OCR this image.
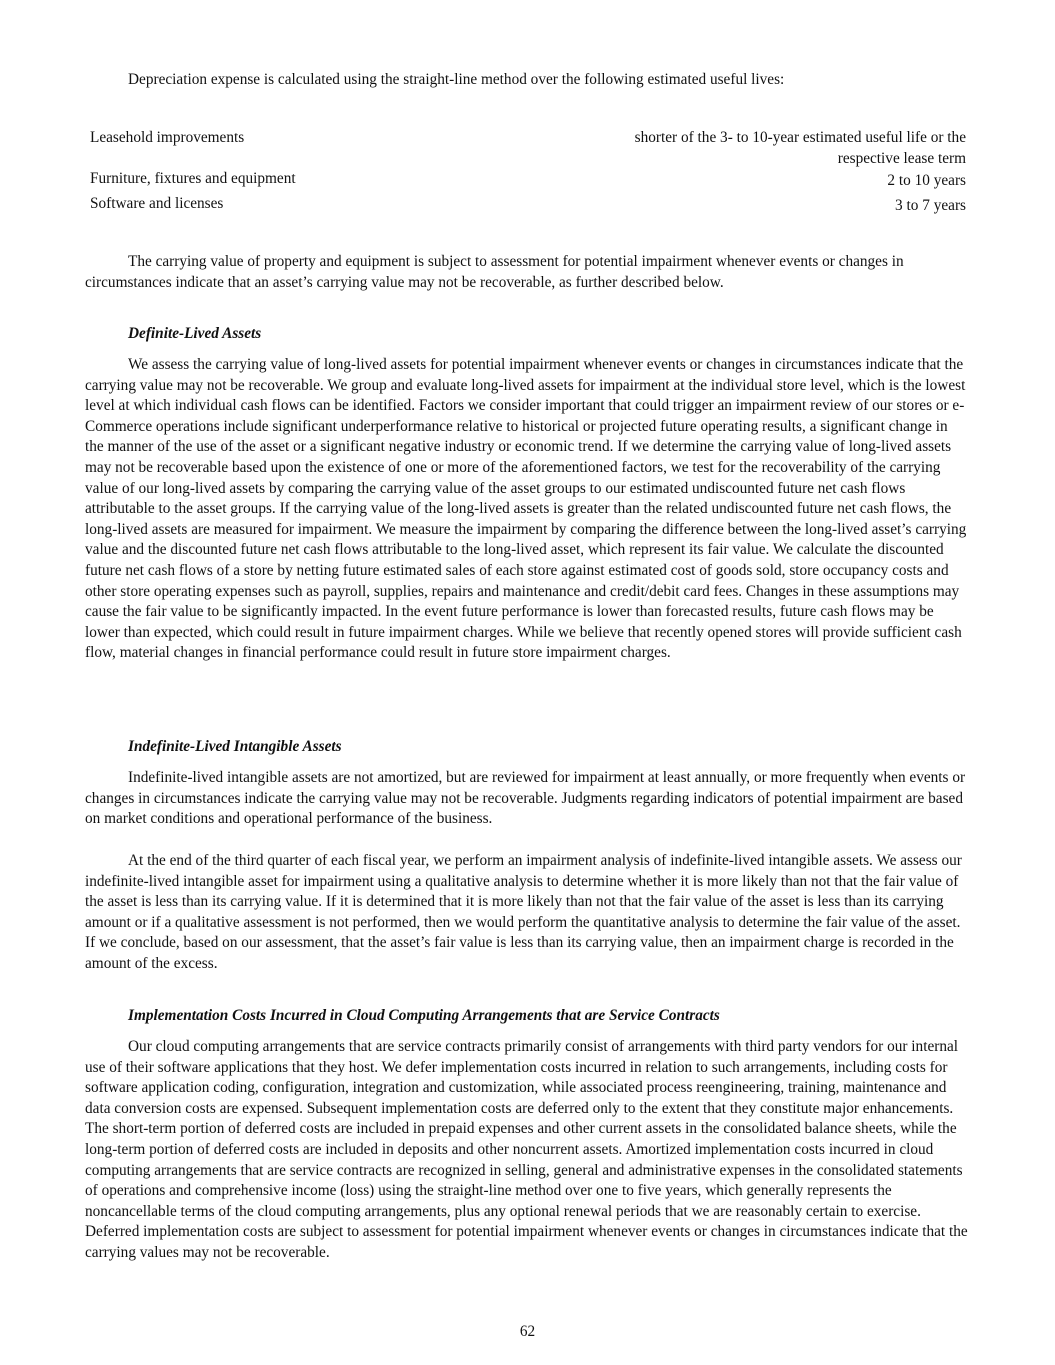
Depreciation expense is calculated using the straight-line method over the following estimated useful lives:

Leasehold improvements	shorter of the 3- to 10-year estimated useful life or the respective lease term

Furniture, fixtures and equipment	2 to 10 years

Software and licenses	3 to 7 years

The carrying value of property and equipment is subject to assessment for potential impairment whenever events or changes in circumstances indicate that an asset’s carrying value may not be recoverable, as further described below.

Definite-Lived Assets

We assess the carrying value of long-lived assets for potential impairment whenever events or changes in circumstances indicate that the carrying value may not be recoverable. We group and evaluate long-lived assets for impairment at the individual store level, which is the lowest level at which individual cash flows can be identified. Factors we consider important that could trigger an impairment review of our stores or e-Commerce operations include significant underperformance relative to historical or projected future operating results, a significant change in the manner of the use of the asset or a significant negative industry or economic trend. If we determine the carrying value of long-lived assets may not be recoverable based upon the existence of one or more of the aforementioned factors, we test for the recoverability of the carrying value of our long-lived assets by comparing the carrying value of the asset groups to our estimated undiscounted future net cash flows attributable to the asset groups. If the carrying value of the long-lived assets is greater than the related undiscounted future net cash flows, the long-lived assets are measured for impairment. We measure the impairment by comparing the difference between the long-lived asset’s carrying value and the discounted future net cash flows attributable to the long-lived asset, which represent its fair value. We calculate the discounted future net cash flows of a store by netting future estimated sales of each store against estimated cost of goods sold, store occupancy costs and other store operating expenses such as payroll, supplies, repairs and maintenance and credit/debit card fees. Changes in these assumptions may cause the fair value to be significantly impacted. In the event future performance is lower than forecasted results, future cash flows may be lower than expected, which could result in future impairment charges. While we believe that recently opened stores will provide sufficient cash flow, material changes in financial performance could result in future store impairment charges.

Indefinite-Lived Intangible Assets

Indefinite-lived intangible assets are not amortized, but are reviewed for impairment at least annually, or more frequently when events or changes in circumstances indicate the carrying value may not be recoverable. Judgments regarding indicators of potential impairment are based on market conditions and operational performance of the business.

At the end of the third quarter of each fiscal year, we perform an impairment analysis of indefinite-lived intangible assets. We assess our indefinite-lived intangible asset for impairment using a qualitative analysis to determine whether it is more likely than not that the fair value of the asset is less than its carrying value. If it is determined that it is more likely than not that the fair value of the asset is less than its carrying amount or if a qualitative assessment is not performed, then we would perform the quantitative analysis to determine the fair value of the asset. If we conclude, based on our assessment, that the asset’s fair value is less than its carrying value, then an impairment charge is recorded in the amount of the excess.

Implementation Costs Incurred in Cloud Computing Arrangements that are Service Contracts

Our cloud computing arrangements that are service contracts primarily consist of arrangements with third party vendors for our internal use of their software applications that they host. We defer implementation costs incurred in relation to such arrangements, including costs for software application coding, configuration, integration and customization, while associated process reengineering, training, maintenance and data conversion costs are expensed. Subsequent implementation costs are deferred only to the extent that they constitute major enhancements. The short-term portion of deferred costs are included in prepaid expenses and other current assets in the consolidated balance sheets, while the long-term portion of deferred costs are included in deposits and other noncurrent assets. Amortized implementation costs incurred in cloud computing arrangements that are service contracts are recognized in selling, general and administrative expenses in the consolidated statements of operations and comprehensive income (loss) using the straight-line method over one to five years, which generally represents the noncancellable terms of the cloud computing arrangements, plus any optional renewal periods that we are reasonably certain to exercise. Deferred implementation costs are subject to assessment for potential impairment whenever events or changes in circumstances indicate that the carrying values may not be recoverable.

62
